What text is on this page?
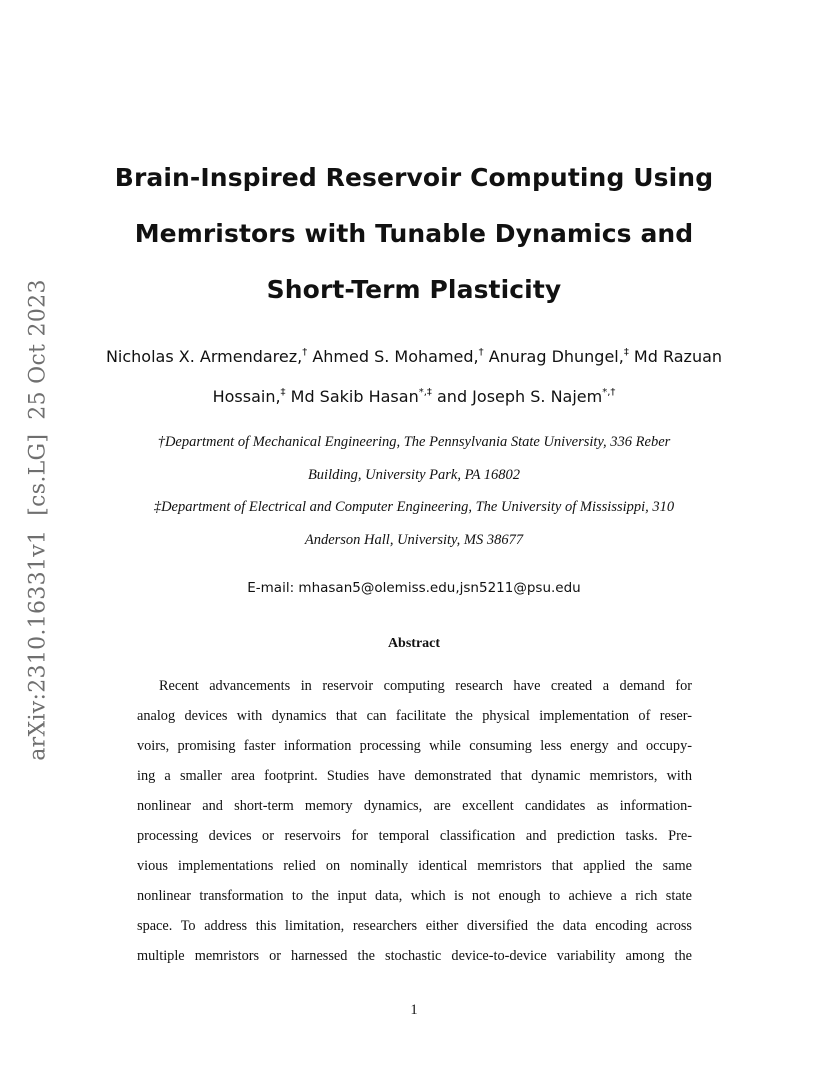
arXiv:2310.16331v1[cs.LG]25 Oct 2023
Brain-Inspired Reservoir Computing Using
Memristors with Tunable Dynamics and
Short-Term Plasticity
Nicholas X. Armendarez,† Ahmed S. Mohamed,† Anurag Dhungel,‡ Md Razuan
Hossain,‡ Md Sakib Hasan*,‡ and Joseph S. Najem*,†
†Department of Mechanical Engineering, The Pennsylvania State University, 336 Reber
Building, University Park, PA 16802
‡Department of Electrical and Computer Engineering, The University of Mississippi, 310
Anderson Hall, University, MS 38677
E-mail: mhasan5@olemiss.edu,jsn5211@psu.edu
Abstract
Recent advancements in reservoir computing research have created a demand for
analog devices with dynamics that can facilitate the physical implementation of reser-
voirs, promising faster information processing while consuming less energy and occupy-
ing a smaller area footprint. Studies have demonstrated that dynamic memristors, with
nonlinear and short-term memory dynamics, are excellent candidates as information-
processing devices or reservoirs for temporal classification and prediction tasks. Pre-
vious implementations relied on nominally identical memristors that applied the same
nonlinear transformation to the input data, which is not enough to achieve a rich state
space. To address this limitation, researchers either diversified the data encoding across
multiple memristors or harnessed the stochastic device-to-device variability among the
1
